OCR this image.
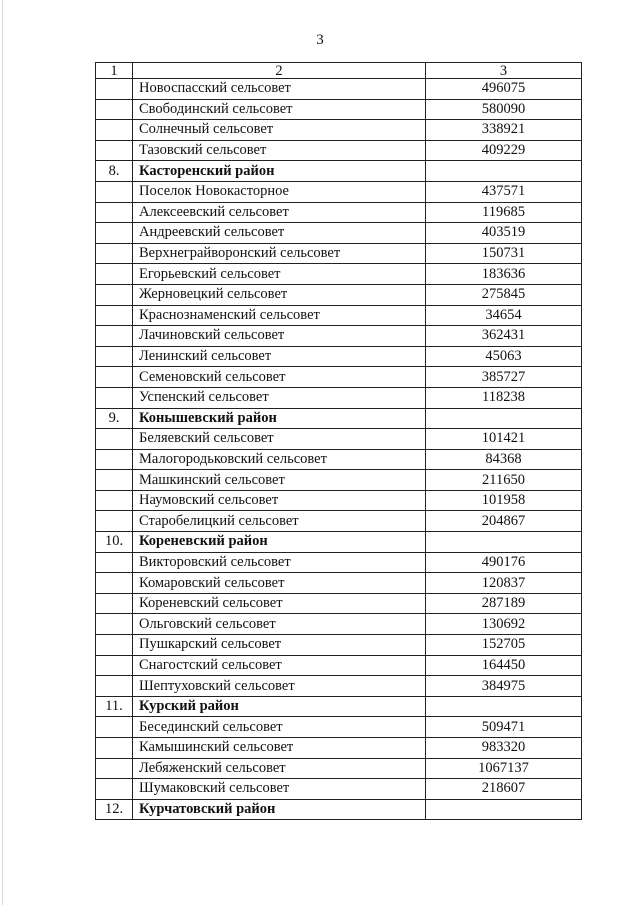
3
1	2	3
	Новоспасский сельсовет	496075
	Свободинский сельсовет	580090
	Солнечный сельсовет	338921
	Тазовский сельсовет	409229
8.	Касторенский район	
	Поселок Новокасторное	437571
	Алексеевский сельсовет	119685
	Андреевский сельсовет	403519
	Верхнеграйворонский сельсовет	150731
	Егорьевский сельсовет	183636
	Жерновецкий сельсовет	275845
	Краснознаменский сельсовет	34654
	Лачиновский сельсовет	362431
	Ленинский сельсовет	45063
	Семеновский сельсовет	385727
	Успенский сельсовет	118238
9.	Конышевский район	
	Беляевский сельсовет	101421
	Малогородьковский сельсовет	84368
	Машкинский сельсовет	211650
	Наумовский сельсовет	101958
	Старобелицкий сельсовет	204867
10.	Кореневский район	
	Викторовский сельсовет	490176
	Комаровский сельсовет	120837
	Кореневский сельсовет	287189
	Ольговский сельсовет	130692
	Пушкарский сельсовет	152705
	Снагостский сельсовет	164450
	Шептуховский сельсовет	384975
11.	Курский район	
	Бесединский сельсовет	509471
	Камышинский сельсовет	983320
	Лебяженский сельсовет	1067137
	Шумаковский сельсовет	218607
12.	Курчатовский район	
